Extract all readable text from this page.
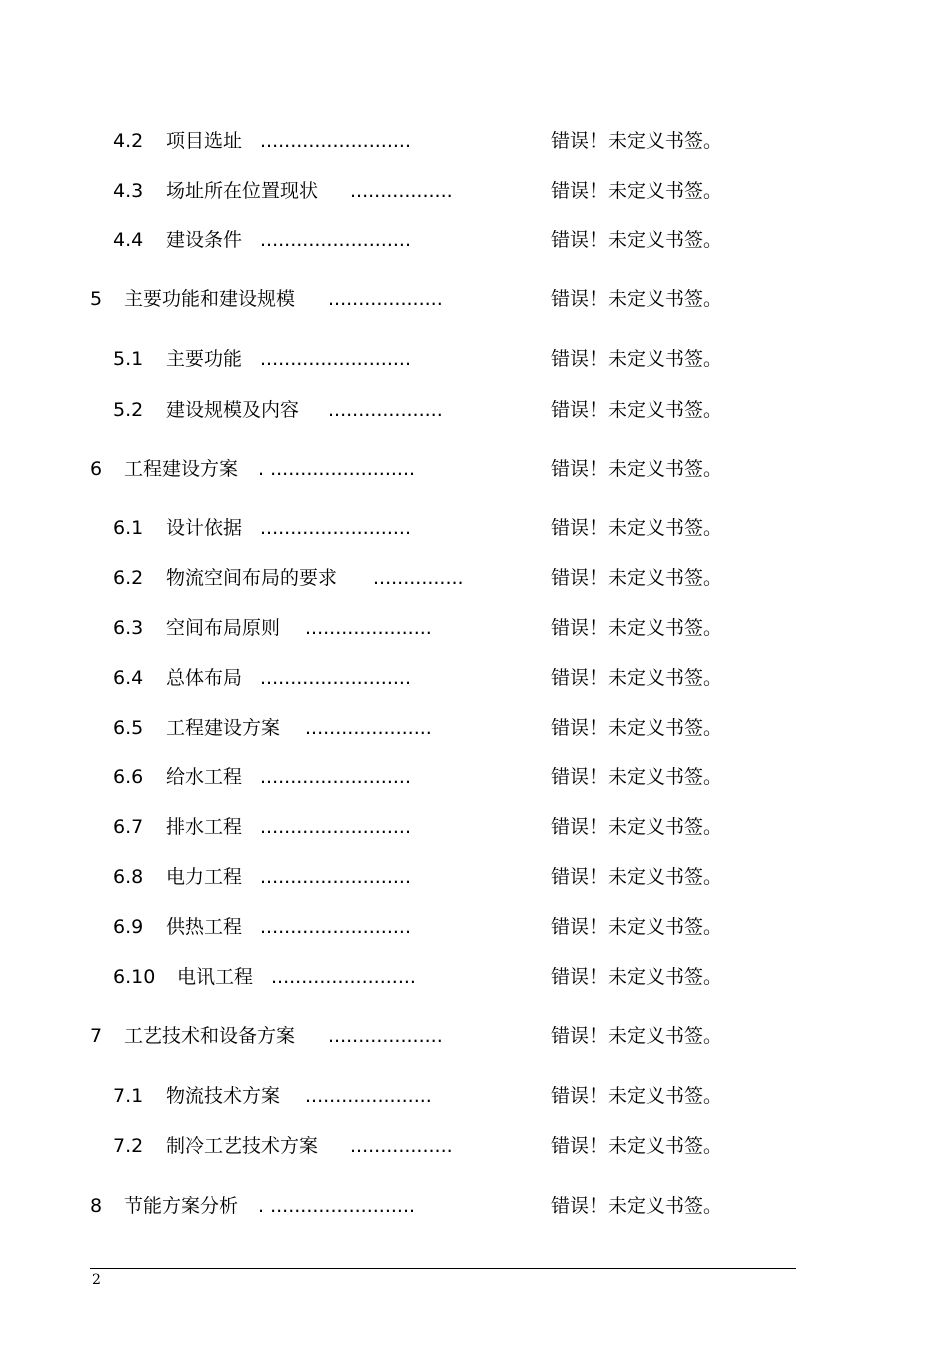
4.2 项目选址 .........................	错误！未定义书签。
4.3 场址所在位置现状 .................	错误！未定义书签。
4.4 建设条件 .........................	错误！未定义书签。
5 主要功能和建设规模 ...................	错误！未定义书签。
5.1 主要功能 .........................	错误！未定义书签。
5.2 建设规模及内容 ...................	错误！未定义书签。
6 工程建设方案 . ........................	错误！未定义书签。
6.1 设计依据 .........................	错误！未定义书签。
6.2 物流空间布局的要求 ...............	错误！未定义书签。
6.3 空间布局原则 .....................	错误！未定义书签。
6.4 总体布局 .........................	错误！未定义书签。
6.5 工程建设方案 .....................	错误！未定义书签。
6.6 给水工程 .........................	错误！未定义书签。
6.7 排水工程 .........................	错误！未定义书签。
6.8 电力工程 .........................	错误！未定义书签。
6.9 供热工程 .........................	错误！未定义书签。
6.10 电讯工程 ........................	错误！未定义书签。
7 工艺技术和设备方案 ...................	错误！未定义书签。
7.1 物流技术方案 .....................	错误！未定义书签。
7.2 制冷工艺技术方案 .................	错误！未定义书签。
8 节能方案分析 . ........................	错误！未定义书签。
2
